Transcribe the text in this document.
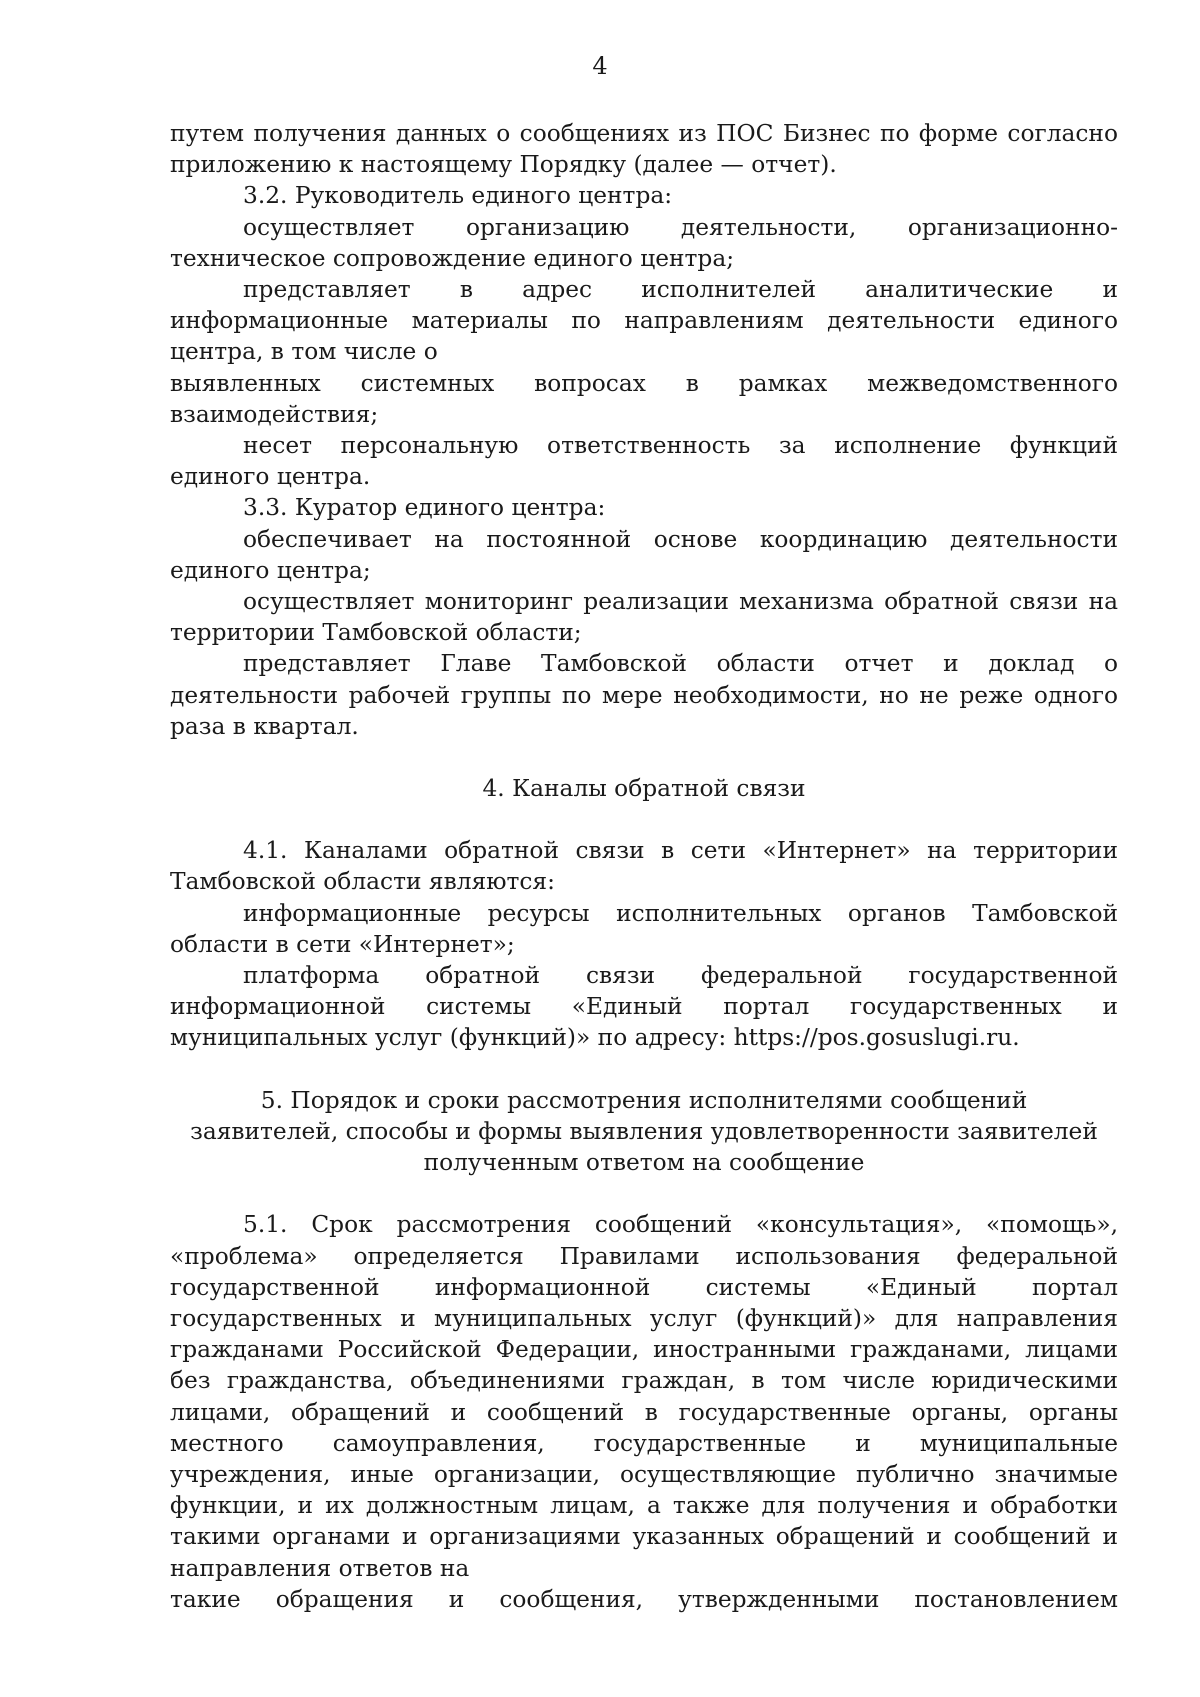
4

путем получения данных о сообщениях из ПОС Бизнес по форме согласно приложению к настоящему Порядку (далее — отчет).

3.2. Руководитель единого центра:

осуществляет организацию деятельности, организационно-техническое сопровождение единого центра;

представляет в адрес исполнителей аналитические и информационные материалы по направлениям деятельности единого центра, в том числе о

выявленных системных вопросах в рамках межведомственного

взаимодействия;

несет персональную ответственность за исполнение функций единого центра.

3.3. Куратор единого центра:

обеспечивает на постоянной основе координацию деятельности

единого центра;

осуществляет мониторинг реализации механизма обратной связи на территории Тамбовской области;

представляет Главе Тамбовской области отчет и доклад о деятельности рабочей группы по мере необходимости, но не реже одного раза в квартал.

4. Каналы обратной связи

4.1. Каналами обратной связи в сети «Интернет» на территории Тамбовской области являются:

информационные ресурсы исполнительных органов Тамбовской

области в сети «Интернет»;

платформа обратной связи федеральной государственной

информационной системы «Единый портал государственных и

муниципальных услуг (функций)» по адресу: https://pos.gosuslugi.ru.

5. Порядок и сроки рассмотрения исполнителями сообщений

заявителей, способы и формы выявления удовлетворенности заявителей

полученным ответом на сообщение

5.1. Срок рассмотрения сообщений «консультация», «помощь», «проблема» определяется Правилами использования федеральной государственной информационной системы «Единый портал государственных и муниципальных услуг (функций)» для направления гражданами Российской Федерации, иностранными гражданами, лицами без гражданства, объединениями граждан, в том числе юридическими лицами, обращений и сообщений в государственные органы, органы местного самоуправления, государственные и муниципальные учреждения, иные организации, осуществляющие публично значимые функции, и их должностным лицам, а также для получения и обработки такими органами и организациями указанных обращений и сообщений и направления ответов на

такие обращения и сообщения, утвержденными постановлением
